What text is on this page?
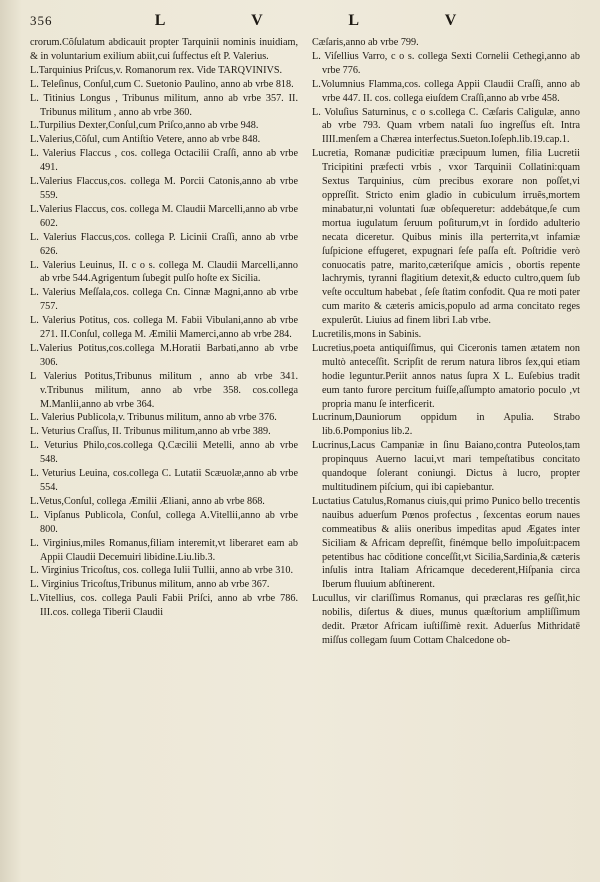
356	L	V	L	V

crorum.Cõſulatum abdicauit propter Tarquinii nominis inuidiam, & in voluntarium exilium abiit,cui ſuffectus eſt P. Valerius.

L.Tarquinius Priſcus,v. Romanorum rex. Vide TARQVINIVS.

L. Teleſinus, Conſul,cum C. Suetonio Paulino, anno ab vrbe 818.

L. Titinius Longus , Tribunus militum, anno ab vrbe 357. II. Tribunus militum , anno ab vrbe 360.

L.Turpilius Dexter,Conſul,cum Priſco,anno ab vrbe 948.

L.Valerius,Cõſul, cum Antiſtio Vetere, anno ab vrbe 848.

L. Valerius Flaccus , cos. collega Octacilii Craſſi, anno ab vrbe 491.

L.Valerius Flaccus,cos. collega M. Porcii Catonis,anno ab vrbe 559.

L.Valerius Flaccus, cos. collega M. Claudii Marcelli,anno ab vrbe 602.

L. Valerius Flaccus,cos. collega P. Licinii Craſſi, anno ab vrbe 626.

L. Valerius Leuinus, II. c o s. collega M. Claudii Marcelli,anno ab vrbe 544.Agrigentum ſubegit pulſo hoſte ex Sicilia.

L. Valerius Meſſala,cos. collega Cn. Cinnæ Magni,anno ab vrbe 757.

L. Valerius Potitus, cos. collega M. Fabii Vibulani,anno ab vrbe 271. II.Conſul, collega M. Æmilii Mamerci,anno ab vrbe 284.

L.Valerius Potitus,cos.collega M.Horatii Barbati,anno ab vrbe 306.

L Valerius Potitus,Tribunus militum , anno ab vrbe 341. v.Tribunus militum, anno ab vrbe 358. cos.collega M.Manlii,anno ab vrbe 364.

L. Valerius Publicola,v. Tribunus militum, anno ab vrbe 376.

L. Veturius Craſſus, II. Tribunus militum,anno ab vrbe 389.

L. Veturius Philo,cos.collega Q.Cæcilii Metelli, anno ab vrbe 548.

L. Veturius Leuina, cos.collega C. Lutatii Scæuolæ,anno ab vrbe 554.

L.Vetus,Conſul, collega Æmilii Æliani, anno ab vrbe 868.

L. Vipſanus Publicola, Conſul, collega A.Vitellii,anno ab vrbe 800.

L. Virginius,miles Romanus,filiam interemit,vt liberaret eam ab Appii Claudii Decemuiri libidine.Liu.lib.3.

L. Virginius Tricoſtus, cos. collega Iulii Tullii, anno ab vrbe 310.

L. Virginius Tricoſtus,Tribunus militum, anno ab vrbe 367.

L.Vitellius, cos. collega Pauli Fabii Priſci, anno ab vrbe 786. III.cos. collega Tiberii Claudii

Cæſaris,anno ab vrbe 799.

L. Viſellius Varro, c o s. collega Sexti Cornelii Cethegi,anno ab vrbe 776.

L.Volumnius Flamma,cos. collega Appii Claudii Craſſi, anno ab vrbe 447. II. cos. collega eiuſdem Craſſi,anno ab vrbe 458.

L. Voluſius Saturninus, c o s.collega C. Cæſaris Caligulæ, anno ab vrbe 793. Quam vrbem natali ſuo ingreſſus eſt. Intra IIII.menſem a Chærea interfectus.Sueton.Ioſeph.lib.19.cap.1.

Lucretia, Romanæ pudicitiæ præcipuum lumen, filia Lucretii Tricipitini præfecti vrbis , vxor Tarquinii Collatini:quam Sextus Tarquinius, cùm precibus exorare non poſſet,vi oppreſſit. Stricto enim gladio in cubiculum irruẽs,mortem minabatur,ni voluntati ſuæ obſequeretur: addebátque,ſe cum mortua iugulatum ſeruum poſiturum,vt in ſordido adulterio necata diceretur. Quibus minis illa perterrita,vt infamiæ ſuſpicione effugeret, expugnari ſeſe paſſa eſt. Poſtridie verò conuocatis patre, marito,cæteriſque amicis , obortis repente lachrymis, tyranni flagitium detexit,& educto cultro,quem ſub veſte occultum habebat , ſeſe ſtatim confodit. Qua re moti pater cum marito & cæteris amicis,populo ad arma concitato reges expulerũt. Liuius ad finem libri I.ab vrbe.

Lucretilis,mons in Sabinis.

Lucretius,poeta antiquiſſimus, qui Ciceronis tamen ætatem non multò anteceſſit. Scripſit de rerum natura libros ſex,qui etiam hodie leguntur.Periit annos natus ſupra X L. Euſebius tradit eum tanto furore percitum fuiſſe,aſſumpto amatorio poculo ,vt propria manu ſe interficerit.

Lucrinum,Dauniorum oppidum in Apulia. Strabo lib.6.Pomponius lib.2.

Lucrinus,Lacus Campaniæ in ſinu Baiano,contra Puteolos,tam propinquus Auerno lacui,vt mari tempeſtatibus concitato quandoque ſolerant coniungi. Dictus à lucro, propter multitudinem piſcium, qui ibi capiebantur.

Luctatius Catulus,Romanus ciuis,qui primo Punico bello trecentis nauibus aduerſum Pœnos profectus , ſexcentas eorum naues commeatibus & aliis oneribus impeditas apud Ægates inter Siciliam & Africam depreſſit, finémque bello impoſuit:pacem petentibus hac cõditione conceſſit,vt Sicilia,Sardinia,& cæteris inſulis intra Italiam Africamque decederent,Hiſpania circa Iberum fluuium abſtinerent.

Lucullus, vir clariſſimus Romanus, qui præclaras res geſſit,hic nobilis, diſertus & diues, munus quæſtorium ampliſſimum dedit. Prætor Africam iuſtiſſimè rexit. Aduerſus Mithridatē miſſus collegam ſuum Cottam Chalcedone ob-
